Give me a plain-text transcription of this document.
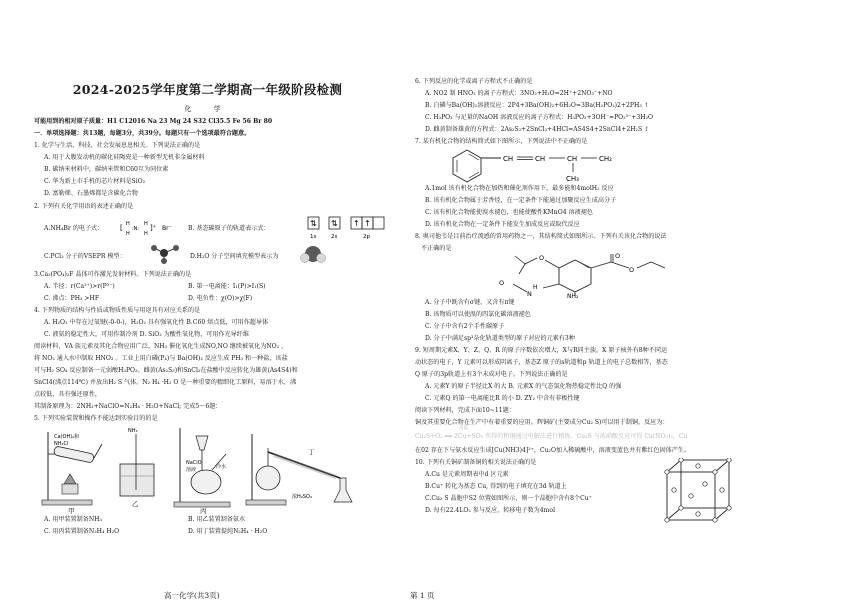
2024-2025学年度第二学期高一年级阶段检测
化 学
可能用到的相对原子质量：H1 C12016 Na 23 Mg 24 S32 Cl35.5 Fe 56 Br 80
一．单项选择题：共13题，每题3分，共39分。每题只有一个选项最符合题意。
1. 化学与生活、科技、社会发展息息相关。下列说法正确的是
A. 用于大腹发动机的碳化硅陶瓷是一种新型无机非金属材料
B. 碳纳米材料中，碳纳米管和C60互为同位素
C. 华为新上市手机的芯片材料是SiO₂
D. 富勒烯、石墨烯都是含碳化合物
2. 下列有关化学用语的表述正确的是
A.NH₄Br 的电子式： [ H
H
:N:
H
H
]⁺ Br⁻	B. 基态碳原子的轨道表示式：
⇅ ⇅ ↑ ↑
1s	2s	2p
C.PCl₃ 分子的VSEPR 模型：	D.H₂O 分子空间填充模型表示为
3.Ca₃(PO₄)₂F 晶体可作激光发射材料。下列说法正确的是
A. 半径：r(Ca²⁺)>r(P³⁻)	B. 第一电离能：I₁(P)>I₁(S)
C. 沸点：PH₃ >HF	D. 电负性：χ(O)>χ(F)
4. 下列物质的结构与性质或物质性质与用途具有对应关系的是
A. H₂O₂ 中存在过氧键(-0-0-)，H₂O₂ 具有强氧化性 B.C60 熔点低，可用作超导体
C. 液氨的稳定性大，可用作制冷剂 D. SiO₂ 为酸性氧化物，可用作光导纤维
阅读材料，VA 族元素及其化合物应用广泛。NH₃ 催化氧化生成NO,NO 继续被氧化为NO₂ ，
将 NO₂ 通入水中制取 HNO₃ 。工业上用白磷(P₄)与 Ba(OH)₂ 反应生成 PH₃ 和一种盐，该盐
可与H₂ SO₄ 反应制备一元弱酸H₃PO₂。雌黄(As₂S₃)和SnCl₂在盐酸中反应转化为雄黄(As4S4)和
SnCl4(沸点114℃) 并放出H₂ S 气体。N₂ H₄ ·H₂ O 是一种重要的精细化工原料，易溶于水，沸
点较低，具有强还原性，
其制备原理为：2NH₃+NaClO=N₂H₄ · H₂O+NaCl; 完成5～6题：
5. 下列实验装置和操作不能达到实验目的的是
Ca(OH)₂和
NH₄Cl
甲
NH₃
乙
NaClO
溶液	冷水
丙
浓H₂SO₄
丁
A. 用甲装置制备NH₃	B. 用乙装置制备氨水
C. 用丙装置制备N₂H₄ H₂O	D. 用丁装置提纯N₂H₄ · H₂O
6. 下列反应的化学或离子方程式不正确的是
A. NO2 制 HNO₃ 的离子方程式：3NO₂+H₂O=2H⁺+2NO₃⁻+NO
B. 白磷与Ba(OH)₂溶液反应：2P4+3Ba(OH)₂+6H₂O=3Ba(H₂PO₂)2+2PH₃ ↑
C. H₃PO₂ 与足量的NaOH 溶液反应的离子方程式：H₃PO₂+3OH⁻=PO₂³⁻+3H₂O
D. 雌黄制备雄黄的方程式：2As₂S₃+2SnCl₂+4HCl=AS4S4+2SnCl4+2H₂S ↑
7. 某有机化合物的结构简式如下图所示，下列说法中不正确的是
CH	CH	CH	CH₂
CH₃
A.1mol 该有机化合物在加热和催化剂作用下，最多能和4molH₂ 反应
B. 该有机化合物属于芳香烃，在一定条件下能通过加聚反应生成高分子
C. 该有机化合物能使溴水褪色，也能使酸性KMnO4 溶液褪色
D. 该有机化合物在一定条件下能发生加成反应或取代反应
8. 奥司他韦是目前治疗流感的常用药物之一，其结构简式如图所示。下列有关该化合物的说法
不正确的是
O
H
N
O
NH₂
O
O
A. 分子中既含有σ键，又含有π键
B. 该物质可以使溴的四氯化碳溶液褪色
C. 分子中含有2个手性碳原子
D. 分子中满足sp³杂化轨道类型的原子对应的元素有3种
9. 短周期元素X、Y、Z、Q、R 的原子序数依次增大，X与R同主族，X 原子核外有8种不同运
动状态的电子，Y 元素可以形成阴离子，基态Z 原子的s轨道和p 轨道上的电子总数相等，基态
Q 原子的3p轨道上有3个未成对电子。下列说法正确的是
A. 元素Y 的原子半径比X 的大 B. 元素X 的气态氢化物热稳定性比Q 的强
C. 元素Q 的第一电离能比R 的小 D. ZY₂ 中含有非极性键
阅读下列材料，完成下面10~11题：
铜及其重要化合物在生产中有着重要的应用。辉铜矿(主要成分Cu₂ S)可以用于制铜，反应为：
Cu₂S+O₂ ══ 2Cu+SO₂ 所得的粗铜通过电解法进行精炼。Cu₂S 与浓硝酸反应可得 Cu(NO₃)₂，Cu
高温
在02 存在下与氨水反应生成[Cu(NH3)4]²⁺，Cu₂O加入稀硫酸中，溶液变蓝色并有紫红色固体产生。
10. 下列有关铜矿制备铜的相关说法正确的是
A.Cu 是元素周期表中d 区元素
B.Cu⁺ 转化为基态 Cu, 得到的电子填充在3d 轨道上
C.Cu₂ S 晶胞中S2 位置如图所示，则一个晶胞中含有8个Cu⁺
D. 每有22.4LO₂ 参与反应，转移电子数为4mol
高一化学(共3页)	第 1 页
